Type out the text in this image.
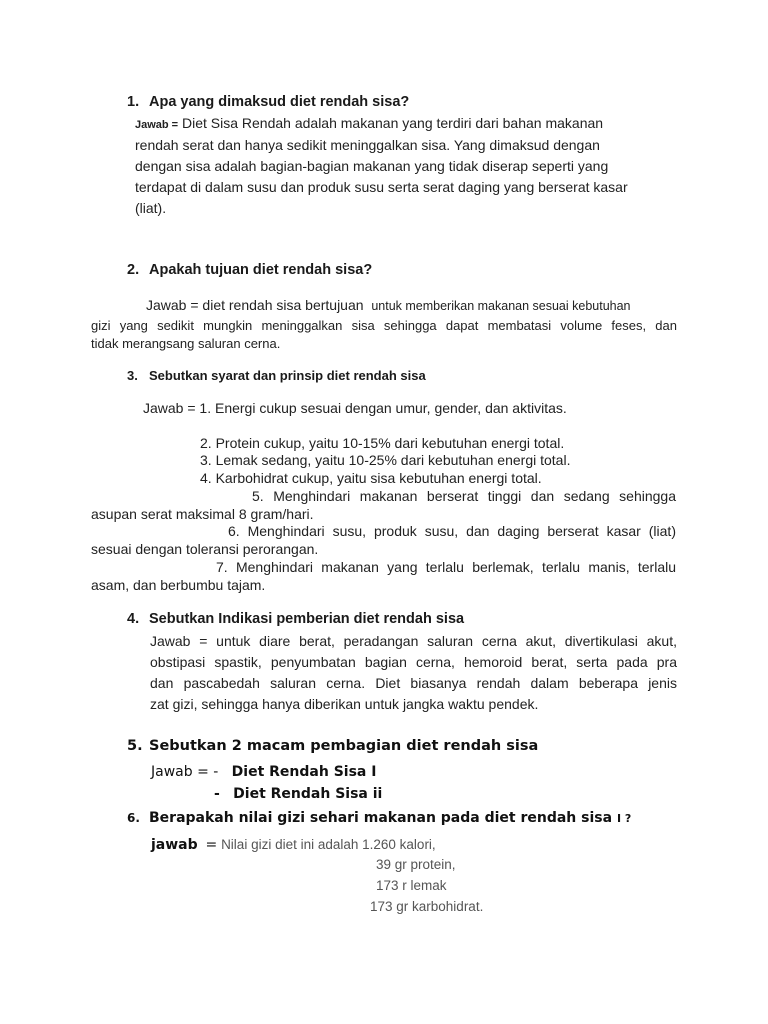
1. Apa yang dimaksud diet rendah sisa?
Jawab = Diet Sisa Rendah adalah makanan yang terdiri dari bahan makanan
rendah serat dan hanya sedikit meninggalkan sisa. Yang dimaksud dengan
dengan sisa adalah bagian-bagian makanan yang tidak diserap seperti yang
terdapat di dalam susu dan produk susu serta serat daging yang berserat kasar
(liat).
2. Apakah tujuan diet rendah sisa?
Jawab = diet rendah sisa bertujuan untuk memberikan makanan sesuai kebutuhan
gizi yang sedikit mungkin meninggalkan sisa sehingga dapat membatasi volume feses, dan
tidak merangsang saluran cerna.
3. Sebutkan syarat dan prinsip diet rendah sisa
Jawab = 1. Energi cukup sesuai dengan umur, gender, dan aktivitas.
2. Protein cukup, yaitu 10-15% dari kebutuhan energi total.
3. Lemak sedang, yaitu 10-25% dari kebutuhan energi total.
4. Karbohidrat cukup, yaitu sisa kebutuhan energi total.
5. Menghindari makanan berserat tinggi dan sedang sehingga
asupan serat maksimal 8 gram/hari.
6. Menghindari susu, produk susu, dan daging berserat kasar (liat)
sesuai dengan toleransi perorangan.
7. Menghindari makanan yang terlalu berlemak, terlalu manis, terlalu
asam, dan berbumbu tajam.
4. Sebutkan Indikasi pemberian diet rendah sisa
Jawab = untuk diare berat, peradangan saluran cerna akut, divertikulasi akut,
obstipasi spastik, penyumbatan bagian cerna, hemoroid berat, serta pada pra
dan pascabedah saluran cerna. Diet biasanya rendah dalam beberapa jenis
zat gizi, sehingga hanya diberikan untuk jangka waktu pendek.
5. Sebutkan 2 macam pembagian diet rendah sisa
Jawab = - Diet Rendah Sisa I
- Diet Rendah Sisa ii
6. Berapakah nilai gizi sehari makanan pada diet rendah sisa I ?
jawab = Nilai gizi diet ini adalah 1.260 kalori,
39 gr protein,
173 r lemak
173 gr karbohidrat.
